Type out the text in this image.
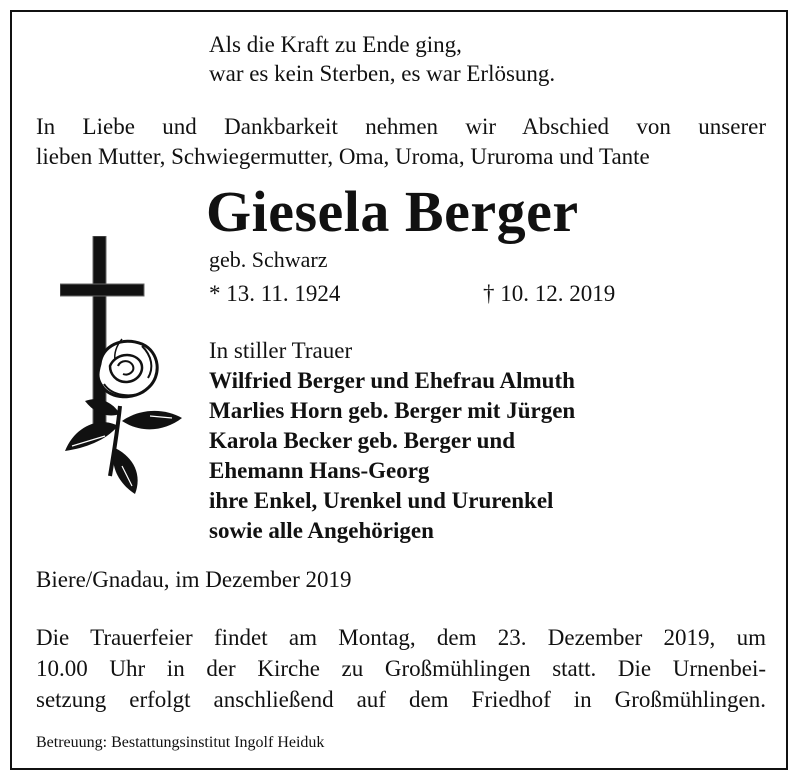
Als die Kraft zu Ende ging,
war es kein Sterben, es war Erlösung.
In Liebe und Dankbarkeit nehmen wir Abschied von unserer
lieben Mutter, Schwiegermutter, Oma, Uroma, Ururoma und Tante
Giesela Berger
geb. Schwarz
* 13. 11. 1924	† 10. 12. 2019
In stiller Trauer
Wilfried Berger und Ehefrau Almuth
Marlies Horn geb. Berger mit Jürgen
Karola Becker geb. Berger und
Ehemann Hans-Georg
ihre Enkel, Urenkel und Ururenkel
sowie alle Angehörigen
Biere/Gnadau, im Dezember 2019
Die Trauerfeier findet am Montag, dem 23. Dezember 2019, um
10.00 Uhr in der Kirche zu Großmühlingen statt. Die Urnenbei-
setzung erfolgt anschließend auf dem Friedhof in Großmühlingen.
Betreuung: Bestattungsinstitut Ingolf Heiduk
